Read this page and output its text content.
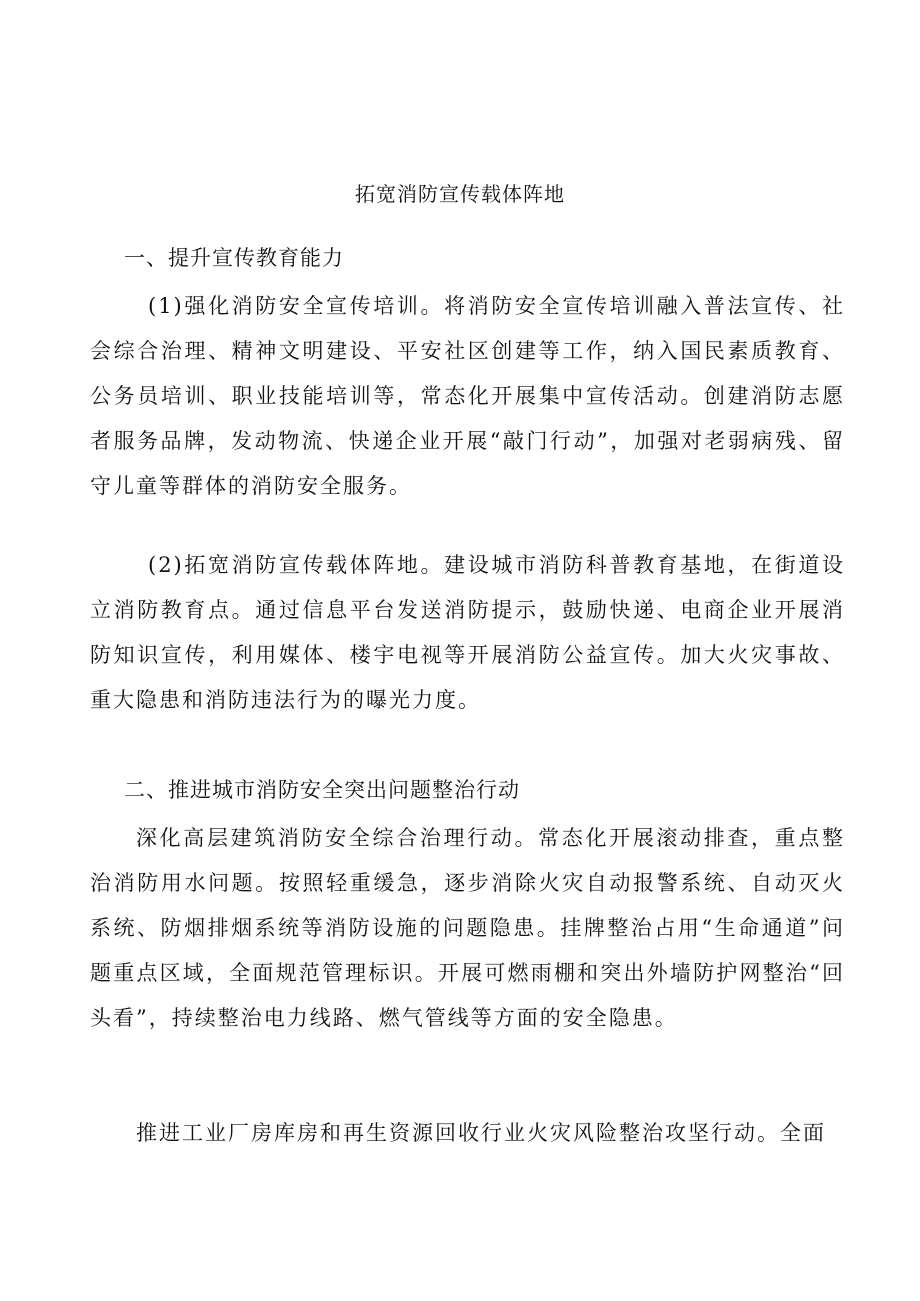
拓宽消防宣传载体阵地
一、提升宣传教育能力

(1)强化消防安全宣传培训。将消防安全宣传培训融入普法宣传、社会综合治理、精神文明建设、平安社区创建等工作，纳入国民素质教育、公务员培训、职业技能培训等，常态化开展集中宣传活动。创建消防志愿者服务品牌，发动物流、快递企业开展“敲门行动”，加强对老弱病残、留守儿童等群体的消防安全服务。

(2)拓宽消防宣传载体阵地。建设城市消防科普教育基地，在街道设立消防教育点。通过信息平台发送消防提示，鼓励快递、电商企业开展消防知识宣传，利用媒体、楼宇电视等开展消防公益宣传。加大火灾事故、重大隐患和消防违法行为的曝光力度。

二、推进城市消防安全突出问题整治行动

深化高层建筑消防安全综合治理行动。常态化开展滚动排查，重点整治消防用水问题。按照轻重缓急，逐步消除火灾自动报警系统、自动灭火系统、防烟排烟系统等消防设施的问题隐患。挂牌整治占用“生命通道”问题重点区域，全面规范管理标识。开展可燃雨棚和突出外墙防护网整治“回头看”，持续整治电力线路、燃气管线等方面的安全隐患。

推进工业厂房库房和再生资源回收行业火灾风险整治攻坚行动。全面
